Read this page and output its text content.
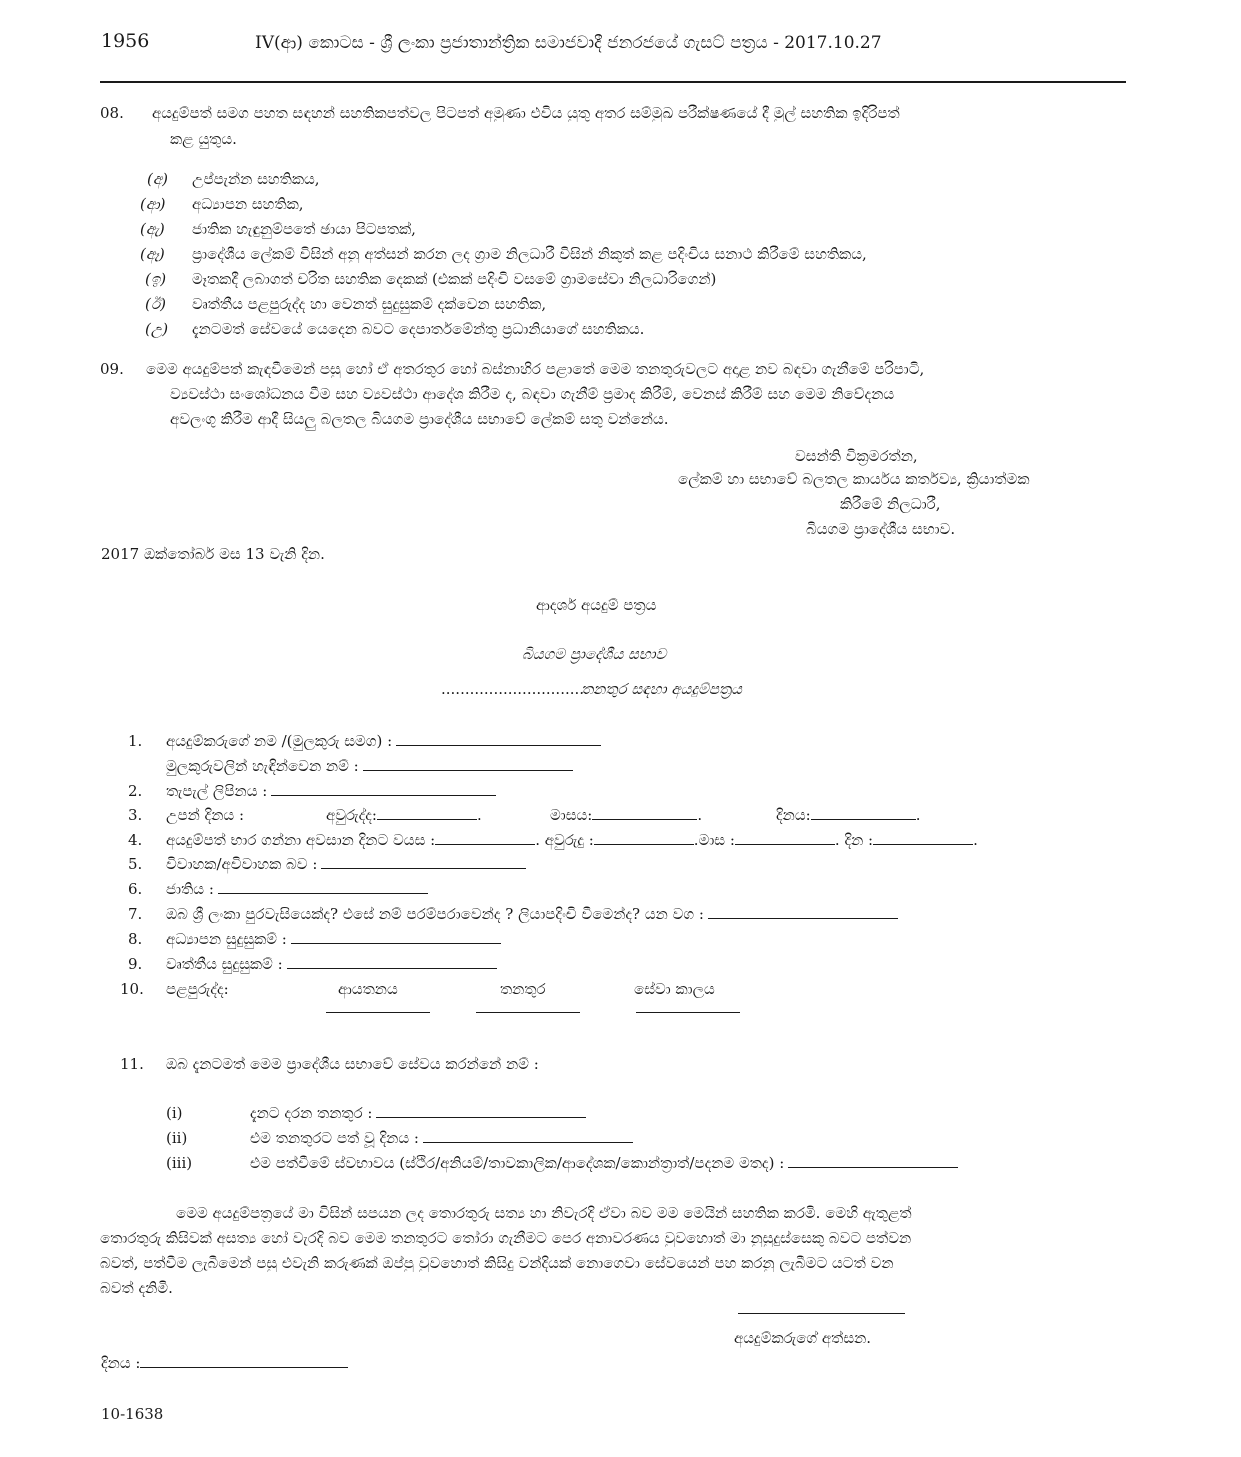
1956	IV(ආ) කොටස - ශ්‍රී ලංකා ප්‍රජාතාන්ත්‍රික සමාජවාදී ජනරජයේ ගැසට් පත්‍රය - 2017.10.27
08. අයදුම්පත් සමග පහත සඳහන් සහතිකපත්වල පිටපත් අමුණා එවිය යුතු අතර සම්මුඛ පරීක්ෂණයේ දී මුල් සහතික ඉදිරිපත්
කළ යුතුය.
(අ) උප්පැන්න සහතිකය,
(ආ) අධ්‍යාපන සහතික,
(ඇ) ජාතික හැඳුනුම්පතේ ඡායා පිටපතක්,
(ඈ) ප්‍රාදේශීය ලේකම් විසින් අනු අත්සන් කරන ලද ග්‍රාම නිලධාරී විසින් නිකුත් කළ පදිංචිය සනාථ කිරීමේ සහතිකය,
(ඉ) මෑතකදී ලබාගත් චරිත සහතික දෙකක් (එකක් පදිංචි වසමේ ග්‍රාමසේවා නිලධාරිගෙන්)
(ඊ) වෘත්තීය පළපුරුද්ද හා වෙනත් සුදුසුකම් දක්වෙන සහතික,
(උ) දැනටමත් සේවයේ යෙදෙන බවට දෙපාර්තමේන්තු ප්‍රධානියාගේ සහතිකය.
09. මෙම අයදුම්පත් කැඳවීමෙන් පසු හෝ ඒ අතරතුර හෝ බස්නාහිර පළාතේ මෙම තනතුරුවලට අදාළ නව බඳවා ගැනීමේ පරිපාටි,
ව්‍යවස්ථා සංශෝධනය වීම සහ ව්‍යවස්ථා ආදේශ කිරීම ද, බඳවා ගැනීම් ප්‍රමාද කිරීම්, වෙනස් කිරීම් සහ මෙම නිවේදනය
අවලංගු කිරීම ආදී සියලු බලතල බියගම ප්‍රාදේශීය සභාවේ ලේකම් සතු වන්නේය.
වසන්ති වික්‍රමරත්න,
ලේකම් හා සභාවේ බලතල කාර්යය කර්තව්‍ය, ක්‍රියාත්මක
කිරීමේ නිලධාරී,
බියගම ප්‍රාදේශීය සභාව.
2017 ඔක්තෝබර් මස 13 වැනි දින.
ආදර්ශ අයදුම් පත්‍රය
බියගම ප්‍රාදේශීය සභාව
..............................
තනතුර සඳහා අයදුම්පත්‍රය
1. අයදුම්කරුගේ නම /(මුලකුරු සමග) :
මුලකුරුවලින් හැඳින්වෙන නම් :
2. තැපැල් ලිපිනය :
3. උපන් දිනය :	අවුරුද්ද:	.	මාසය:	.	දිනය:	.
4. අයදුම්පත් භාර ගන්නා අවසාන දිනට වයස :	. අවුරුදු :	.මාස :	. දින :	.
5. විවාහක/අවිවාහක බව :
6. ජාතිය :
7. ඔබ ශ්‍රී ලංකා පුරවැසියෙක්ද? එසේ නම් පරම්පරාවෙන්ද ? ලියාපදිංචි වීමෙන්ද? යන වග :
8. අධ්‍යාපන සුදුසුකම් :
9. වෘත්තීය සුදුසුකම් :
10. පළපුරුද්ද:	ආයතනය	තනතුර	සේවා කාලය
11. ඔබ දැනටමත් මෙම ප්‍රාදේශීය සභාවේ සේවය කරන්නේ නම් :
(i)	දැනට දරන තනතුර :
(ii)	එම තනතුරට පත් වූ දිනය :
(iii)	එම පත්වීමේ ස්වභාවය (ස්ථිර/අනියම්/තාවකාලික/ආදේශක/කොන්ත්‍රාත්/පදනම මතද) :
මෙම අයදුම්පත්‍රයේ මා විසින් සපයන ලද තොරතුරු සත්‍ය හා නිවැරදි ඒවා බව මම මෙයින් සහතික කරමි. මෙහි ඇතුළත්
තොරතුරු කිසිවක් අසත්‍ය හෝ වැරදි බව මෙම තනතුරට තෝරා ගැනීමට පෙර අනාවරණය වුවහොත් මා නුසුදුස්සෙකු බවට පත්වන
බවත්, පත්වීම ලැබීමෙන් පසු එවැනි කරුණක් ඔප්පු වුවහොත් කිසිදු වන්දියක් නොගෙවා සේවයෙන් පහ කරනු ලැබීමට යටත් වන
බවත් දනිමි.
අයදුම්කරුගේ අත්සන.
දිනය :
10-1638
